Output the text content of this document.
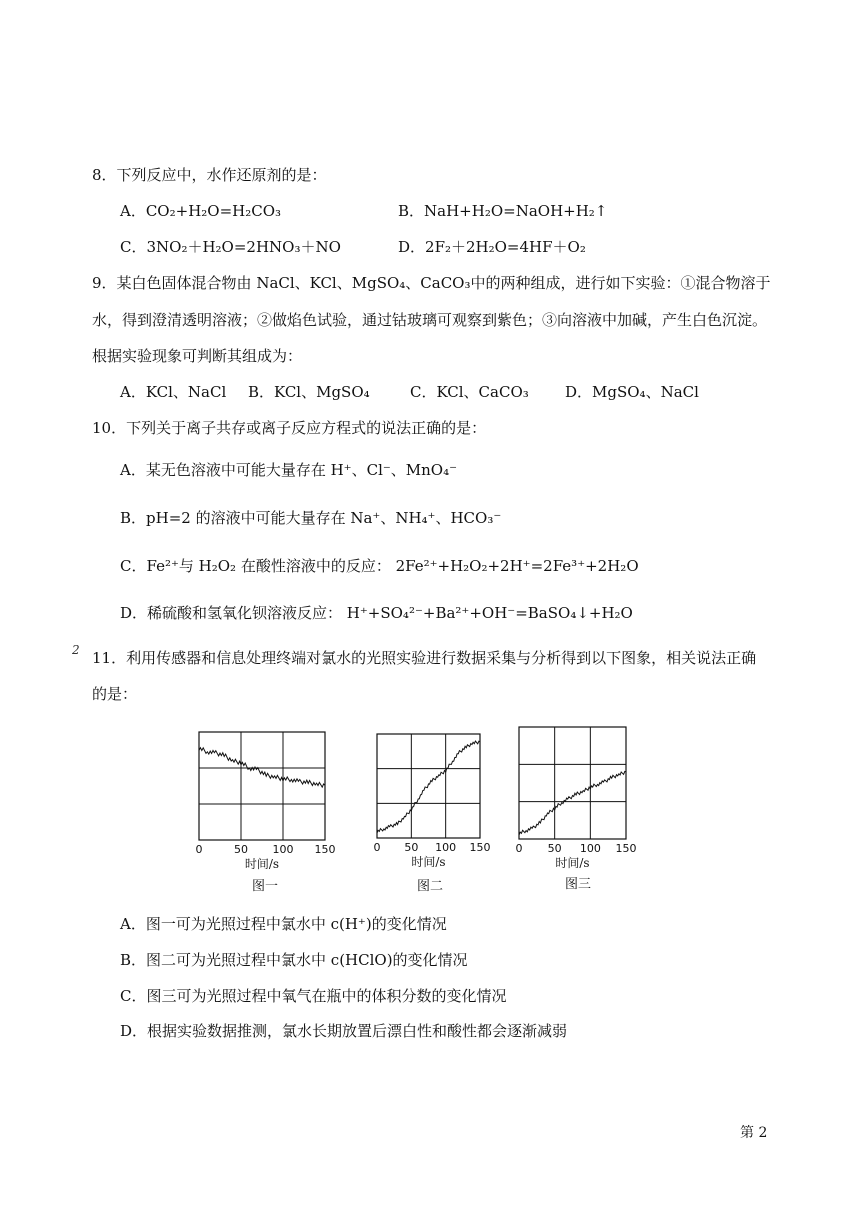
8．下列反应中，水作还原剂的是：
A．CO₂+H₂O=H₂CO₃	B．NaH+H₂O=NaOH+H₂↑
C．3NO₂＋H₂O=2HNO₃＋NO	D．2F₂＋2H₂O=4HF＋O₂
9．某白色固体混合物由 NaCl、KCl、MgSO₄、CaCO₃中的两种组成，进行如下实验：①混合物溶于
水，得到澄清透明溶液；②做焰色试验，通过钴玻璃可观察到紫色；③向溶液中加碱，产生白色沉淀。
根据实验现象可判断其组成为：
A．KCl、NaCl B．KCl、MgSO₄	C．KCl、CaCO₃ D．MgSO₄、NaCl
10．下列关于离子共存或离子反应方程式的说法正确的是：
A．某无色溶液中可能大量存在 H⁺、Cl⁻、MnO₄⁻
B．pH=2 的溶液中可能大量存在 Na⁺、NH₄⁺、HCO₃⁻
C．Fe²⁺与 H₂O₂ 在酸性溶液中的反应： 2Fe²⁺+H₂O₂+2H⁺=2Fe³⁺+2H₂O
D．稀硫酸和氢氧化钡溶液反应： H⁺+SO₄²⁻+Ba²⁺+OH⁻=BaSO₄↓+H₂O
2 11．利用传感器和信息处理终端对氯水的光照实验进行数据采集与分析得到以下图象，相关说法正确
的是：
0	50 100 150
时间/s
图一
0 50 100 150
时间/s
图二
0 50 100 150
时间/s
图三
A．图一可为光照过程中氯水中 c(H⁺)的变化情况
B．图二可为光照过程中氯水中 c(HClO)的变化情况
C．图三可为光照过程中氧气在瓶中的体积分数的变化情况
D．根据实验数据推测，氯水长期放置后漂白性和酸性都会逐渐减弱
第 2
